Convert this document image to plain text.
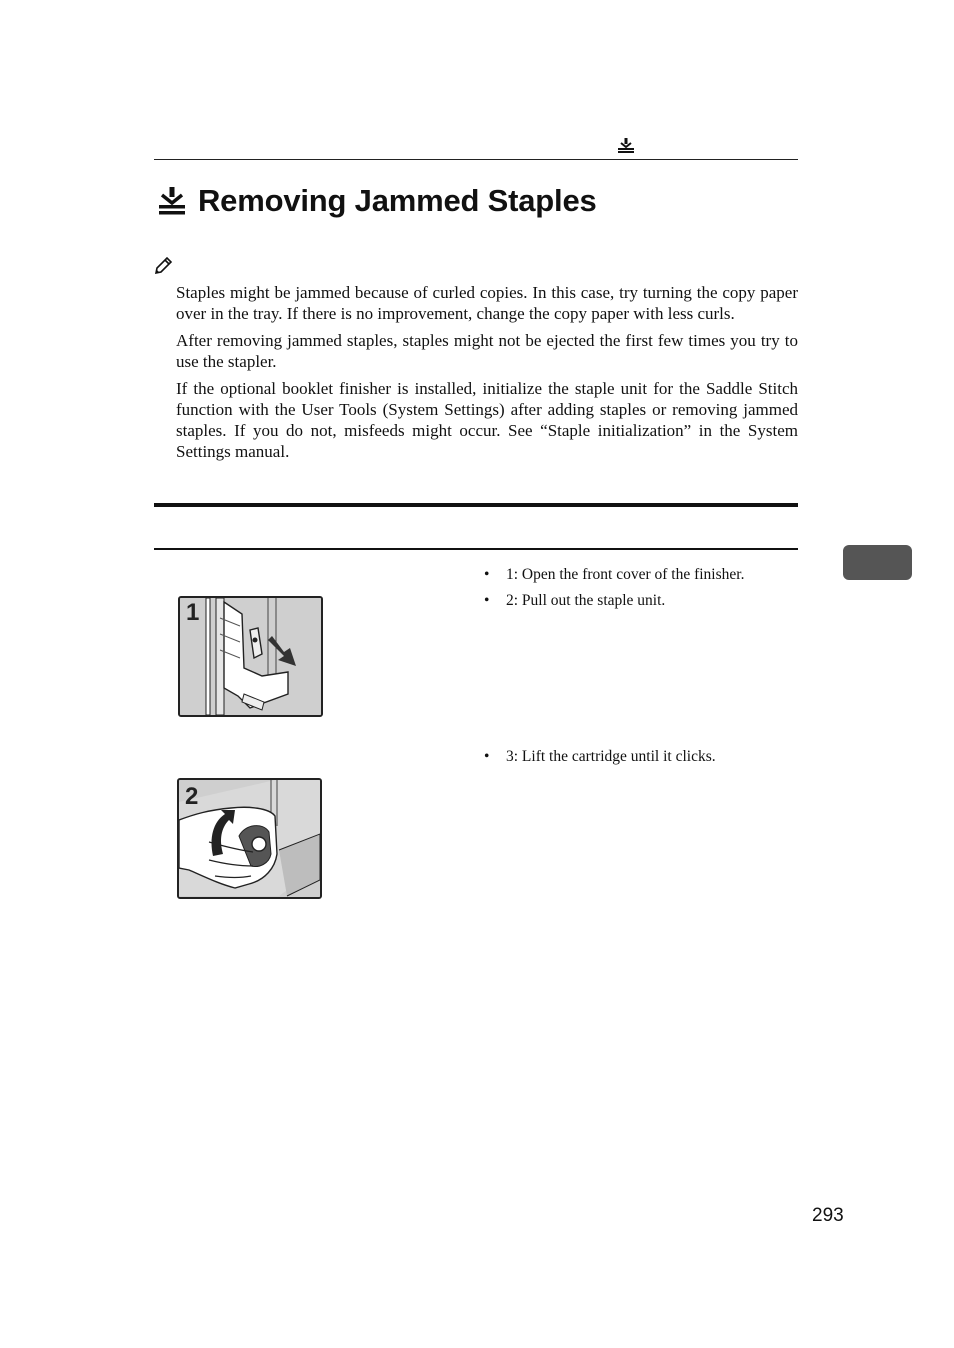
Removing Jammed Staples

Staples might be jammed because of curled copies. In this case, try turning the copy paper over in the tray. If there is no improvement, change the copy paper with less curls.

After removing jammed staples, staples might not be ejected the first few times you try to use the stapler.

If the optional booklet finisher is installed, initialize the staple unit for the Saddle Stitch function with the User Tools (System Settings) after adding staples or removing jammed staples. If you do not, misfeeds might occur. See “Staple initialization” in the System Settings manual.

1
• 1: Open the front cover of the finisher.
• 2: Pull out the staple unit.
2
• 3: Lift the cartridge until it clicks.
293
